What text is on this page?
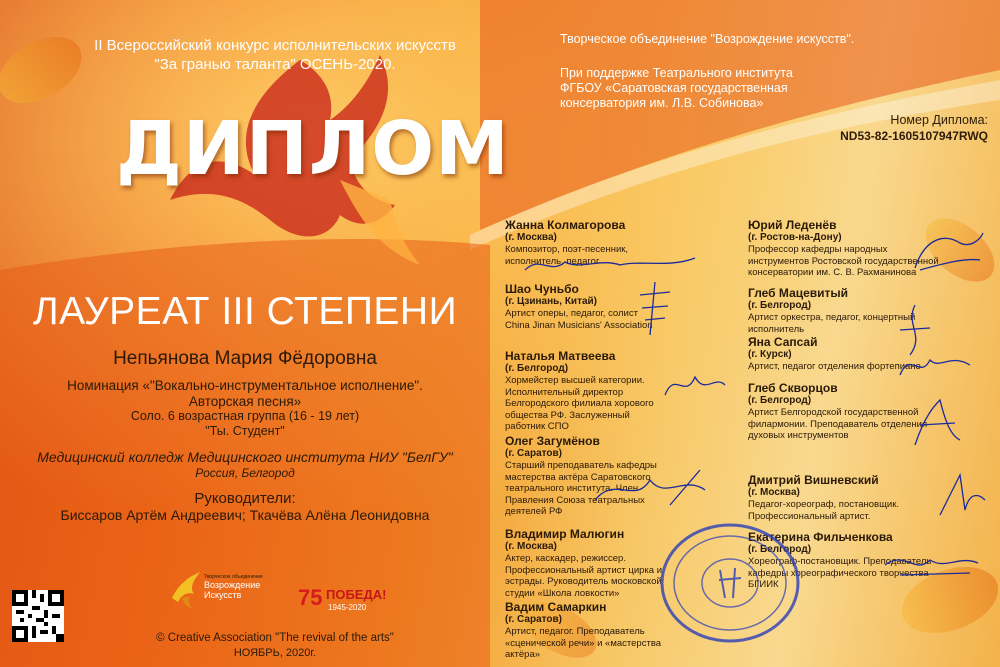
II Всероссийский конкурс исполнительских искусств
"За гранью таланта" ОСЕНЬ-2020.
Творческое объединение "Возрождение искусств".
При поддержке Театрального института
ФГБОУ «Саратовская государственная
консерватория им. Л.В. Собинова»
ДИПЛОМ	Номер Диплома:
ND53-82-1605107947RWQ
ЛАУРЕАТ III СТЕПЕНИ
Непьянова Мария Фёдоровна
Номинация «"Вокально-инструментальное исполнение".
Авторская песня»
Соло. 6 возрастная группа (16 - 19 лет)
"Ты. Студент"
Медицинский колледж Медицинского института НИУ "БелГУ"
Россия, Белгород
Руководители:
Биссаров Артём Андреевич; Ткачёва Алёна Леонидовна
Творческое объединение
Возрождение
Искусств	75 ПОБЕДА!
1945-2020
© Creative Association "The revival of the arts"
НОЯБРЬ, 2020г.
Жанна Колмагорова
(г. Москва)
Композитор, поэт-песенник, исполнитель, педагог
Шао Чуньбо
(г. Цзинань, Китай)
Артист оперы, педагог, солист China Jinan Musicians' Association
Наталья Матвеева
(г. Белгород)
Хормейстер высшей категории. Исполнительный директор Белгородского филиала хорового общества РФ. Заслуженный работник СПО
Олег Загумёнов
(г. Саратов)
Старший преподаватель кафедры мастерства актёра Саратовского театрального института. Член Правления Союза театральных деятелей РФ
Владимир Малюгин
(г. Москва)
Актер, каскадер, режиссер. Профессиональный артист цирка и эстрады. Руководитель московской студии «Школа ловкости»
Вадим Самаркин
(г. Саратов)
Артист, педагог. Преподаватель «сценической речи» и «мастерства актёра»
Юрий Леденёв
(г. Ростов-на-Дону)
Профессор кафедры народных инструментов Ростовской государственной консерватории им. С. В. Рахманинова
Глеб Мацевитый
(г. Белгород)
Артист оркестра, педагог, концертный исполнитель
Яна Сапсай
(г. Курск)
Артист, педагог отделения фортепиано
Глеб Скворцов
(г. Белгород)
Артист Белгородской государственной филармонии. Преподаватель отделения духовых инструментов
Дмитрий Вишневский
(г. Москва)
Педагог-хореограф, постановщик. Профессиональный артист.
Екатерина Фильченкова
(г. Белгород)
Хореограф-постановщик. Преподаватель кафедры хореографического творчества БГИИК
